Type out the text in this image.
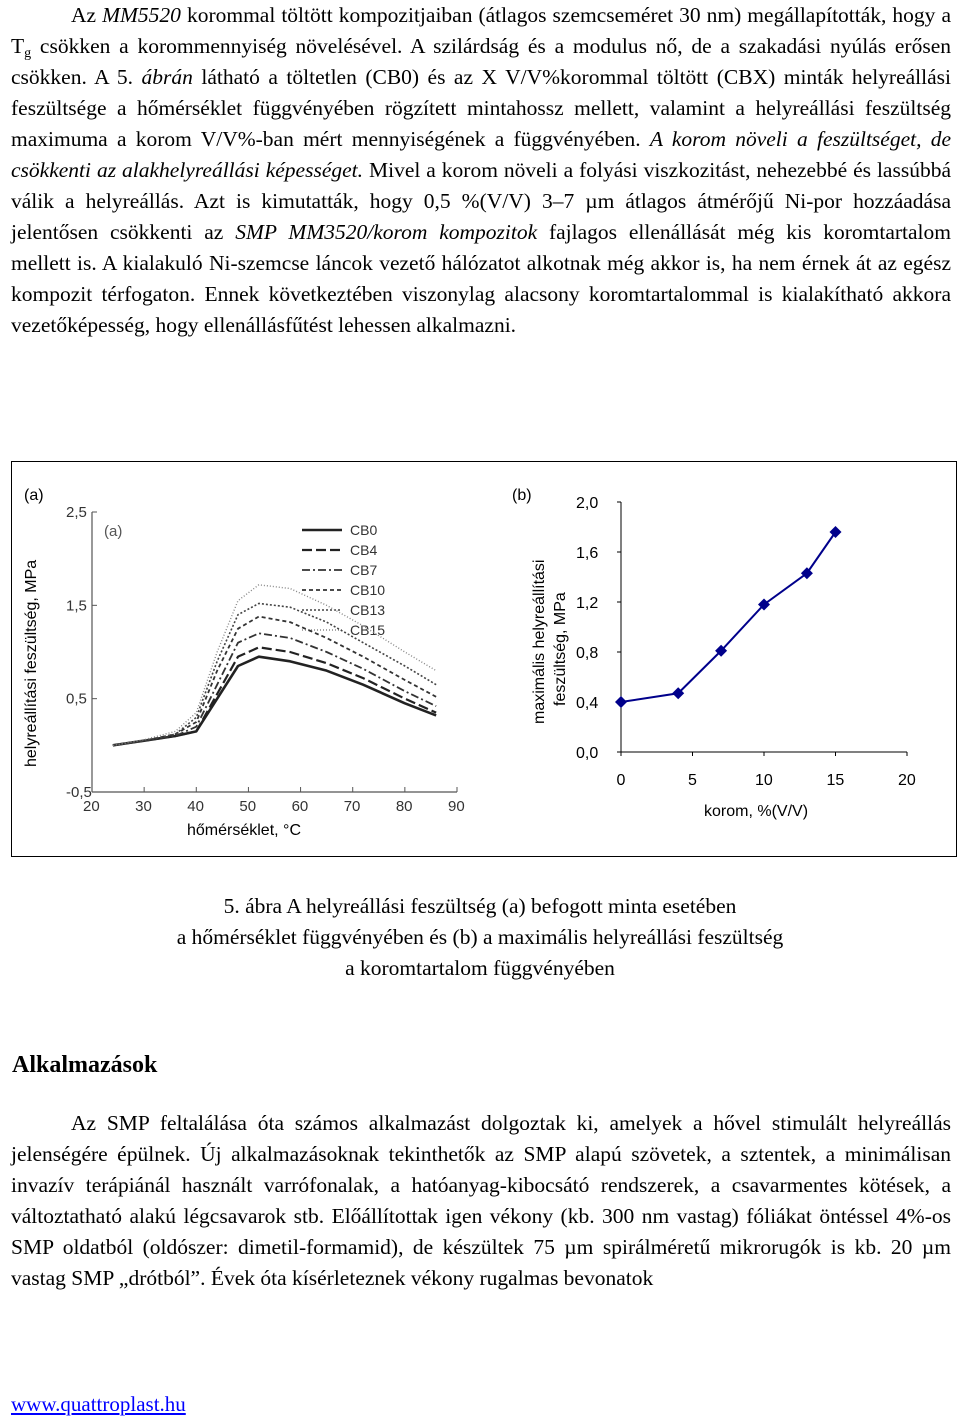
Az MM5520 korommal töltött kompozitjaiban (átlagos szemcseméret 30 nm) megállapították, hogy a $T_g$ csökken a korommennyiség növelésével. A szilárdság és a modulus nő, de a szakadási nyúlás erősen csökken. A 5. ábrán látható a töltetlen (CB0) és az X V/V%korommal töltött (CBX) minták helyreállási feszültsége a hőmérséklet függvényében rögzített mintahossz mellett, valamint a helyreállási feszültség maximuma a korom V/V%-ban mért mennyiségének a függvényében. A korom növeli a feszültséget, de csökkenti az alakhelyreállási képességet. Mivel a korom növeli a folyási viszkozitást, nehezebbé és lassúbbá válik a helyreállás. Azt is kimutatták, hogy 0,5 %(V/V) 3–7 µm átlagos átmérőjű Ni-por hozzáadása jelentősen csökkenti az SMP MM3520/korom kompozitok fajlagos ellenállását még kis koromtartalom mellett is. A kialakuló Ni-szemcse láncok vezető hálózatot alkotnak még akkor is, ha nem érnek át az egész kompozit térfogaton. Ennek következtében viszonylag alacsony koromtartalommal is kialakítható akkora vezetőképesség, hogy ellenállásfűtést lehessen alkalmazni.

(a)	(b)
helyreállítási feszültség, MPa
hőmérséklet, °C
2,5
1,5
0,5
-0,5
20 30 40 50 60 70 80 90
(a)	CB0
CB4
CB7
CB10
CB13
CB15	maximális helyreállítási feszültség, MPa
korom, %(V/V)
0,0
0,4
0,8
1,2
1,6
2,0
0	5	10	15	20
5. ábra A helyreállási feszültség (a) befogott minta esetében
a hőmérséklet függvényében és (b) a maximális helyreállási feszültség
a koromtartalom függvényében
Alkalmazások

Az SMP feltalálása óta számos alkalmazást dolgoztak ki, amelyek a hővel stimulált helyreállás jelenségére épülnek. Új alkalmazásoknak tekinthetők az SMP alapú szövetek, a sztentek, a minimálisan invazív terápiánál használt varrófonalak, a hatóanyag-kibocsátó rendszerek, a csavarmentes kötések, a változtatható alakú légcsavarok stb. Előállítottak igen vékony (kb. 300 nm vastag) fóliákat öntéssel 4%-os SMP oldatból (oldószer: dimetil-formamid), de készültek 75 µm spirálméretű mikrorugók is kb. 20 µm vastag SMP „drótból”. Évek óta kísérleteznek vékony rugalmas bevonatok

www.quattroplast.hu
